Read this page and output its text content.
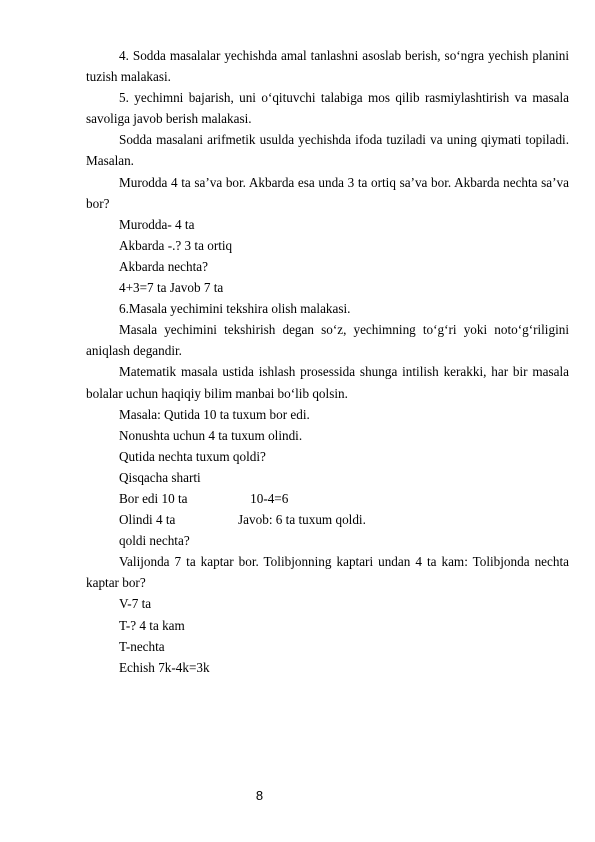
4. Sodda masalalar yechishda amal tanlashni asoslab berish, so‘ngra yechish planini tuzish malakasi.

5. yechimni bajarish, uni o‘qituvchi talabiga mos qilib rasmiylashtirish va masala savoliga javob berish malakasi.

Sodda masalani arifmetik usulda yechishda ifoda tuziladi va uning qiymati topiladi. Masalan.

Murodda 4 ta sa’va bor. Akbarda esa unda 3 ta ortiq sa’va bor. Akbarda nechta sa’va bor?

Murodda- 4 ta

Akbarda -.? 3 ta ortiq

Akbarda nechta?

4+3=7 ta Javob 7 ta

6.Masala yechimini tekshira olish malakasi.

Masala yechimini tekshirish degan so‘z, yechimning to‘g‘ri yoki noto‘g‘riligini aniqlash degandir.

Matematik masala ustida ishlash prosessida shunga intilish kerakki, har bir masala bolalar uchun haqiqiy bilim manbai bo‘lib qolsin.

Masala: Qutida 10 ta tuxum bor edi.

Nonushta uchun 4 ta tuxum olindi.

Qutida nechta tuxum qoldi?

Qisqacha sharti

Bor edi 10 ta                   10-4=6

Olindi 4 ta                   Javob: 6 ta tuxum qoldi.

qoldi nechta?

Valijonda 7 ta kaptar bor. Tolibjonning kaptari undan 4 ta kam: Tolibjonda nechta kaptar bor?

V-7 ta

T-? 4 ta kam

T-nechta

Echish 7k-4k=3k

8
